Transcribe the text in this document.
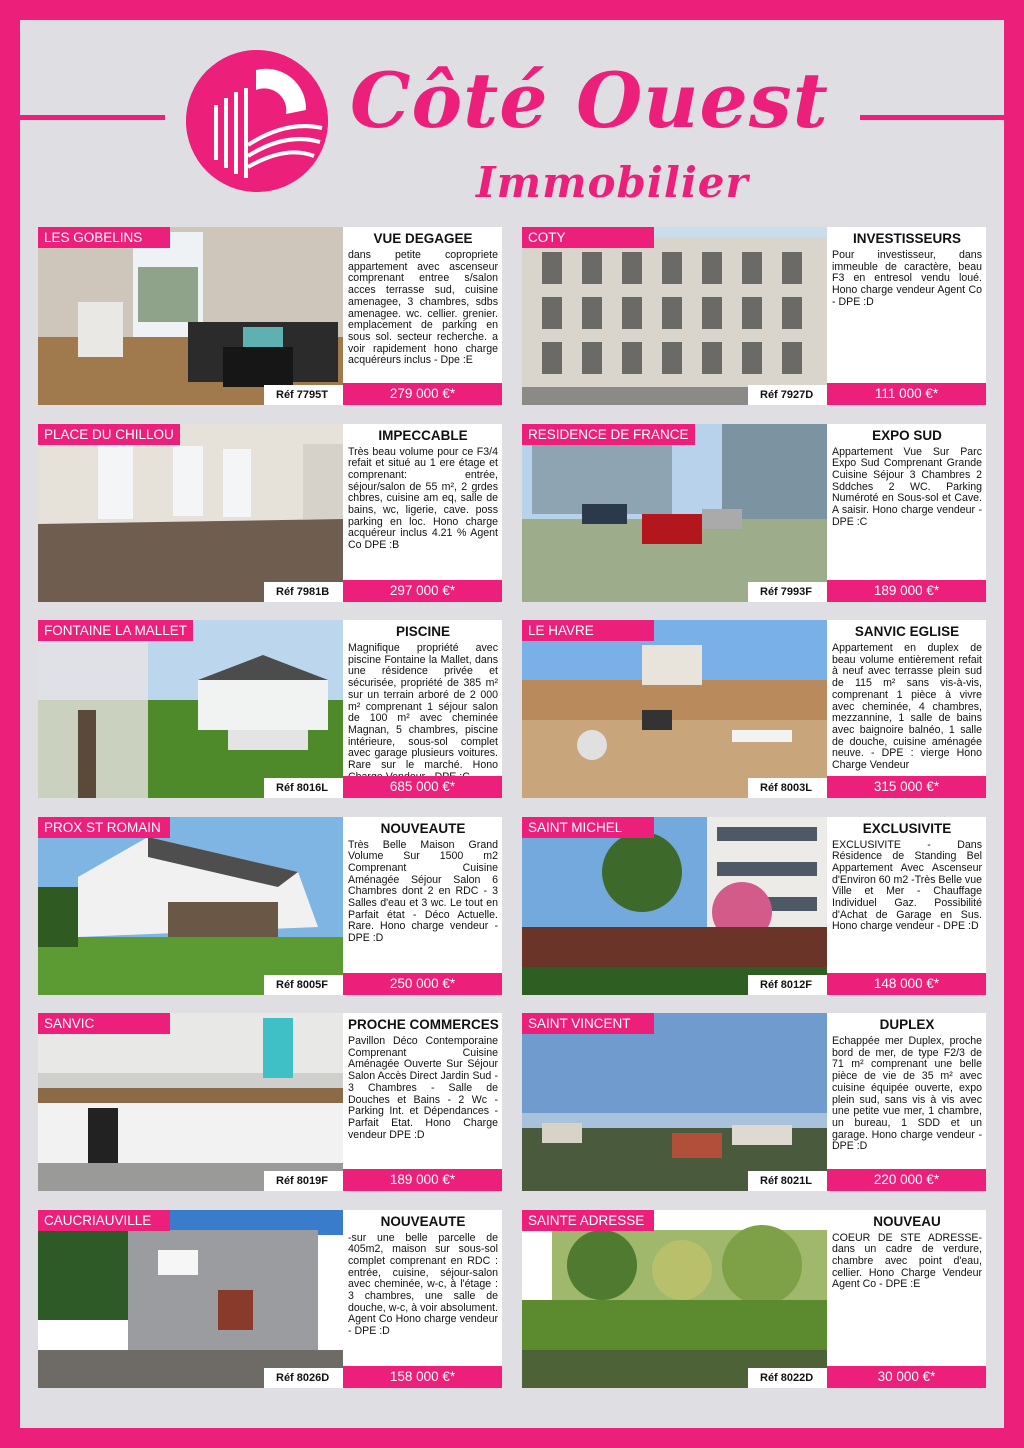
Côté Ouest
Immobilier
LES GOBELINS
Réf 7795T
VUE DEGAGEE
dans petite copropriete appartement avec ascenseur comprenant entree s/salon acces terrasse sud, cuisine amenagee, 3 chambres, sdbs amenagee. wc. cellier. grenier. emplacement de parking en sous sol. secteur recherche. a voir rapidement hono charge acquéreurs inclus - Dpe :E
279 000 €*
COTY
Réf 7927D
INVESTISSEURS
Pour investisseur, dans immeuble de caractère, beau F3 en entresol vendu loué. Hono charge vendeur Agent Co - DPE :D
111 000 €*
PLACE DU CHILLOU
Réf 7981B
IMPECCABLE
Très beau volume pour ce F3/4 refait et situé au 1 ere étage et comprenant: entrée, séjour/salon de 55 m², 2 grdes chbres, cuisine am eq, salle de bains, wc, ligerie, cave. poss parking en loc. Hono charge acquéreur inclus 4.21 % Agent Co DPE :B
297 000 €*
RESIDENCE DE FRANCE
Réf 7993F
EXPO SUD
Appartement Vue Sur Parc Expo Sud Comprenant Grande Cuisine Séjour 3 Chambres 2 Sddches 2 WC. Parking Numéroté en Sous-sol et Cave. A saisir. Hono charge vendeur - DPE :C
189 000 €*
FONTAINE LA MALLET
Réf 8016L
PISCINE
Magnifique propriété avec piscine Fontaine la Mallet, dans une résidence privée et sécurisée, propriété de 385 m² sur un terrain arboré de 2 000 m² comprenant 1 séjour salon de 100 m² avec cheminée Magnan, 5 chambres, piscine intérieure, sous-sol complet avec garage plusieurs voitures. Rare sur le marché. Hono
685 000 €*
LE HAVRE
Réf 8003L
SANVIC EGLISE
Appartement en duplex de beau volume entièrement refait à neuf avec terrasse plein sud de 115 m² sans vis-à-vis, comprenant 1 pièce à vivre avec cheminée, 4 chambres, mezzannine, 1 salle de bains avec baignoire balnéo, 1 salle de douche, cuisine aménagée neuve. - DPE : vierge Hono Charge Vendeur
315 000 €*
PROX ST ROMAIN
Réf 8005F
NOUVEAUTE
Très Belle Maison Grand Volume Sur 1500 m2 Comprenant Cuisine Aménagée Séjour Salon 6 Chambres dont 2 en RDC - 3 Salles d'eau et 3 wc. Le tout en Parfait état - Déco Actuelle. Rare. Hono charge vendeur - DPE :D
250 000 €*
SAINT MICHEL
Réf 8012F
EXCLUSIVITE
EXCLUSIVITE - Dans Résidence de Standing Bel Appartement Avec Ascenseur d'Environ 60 m2 -Très Belle vue Ville et Mer - Chauffage Individuel Gaz. Possibilité d'Achat de Garage en Sus. Hono charge vendeur - DPE :D
148 000 €*
SANVIC
Réf 8019F
PROCHE COMMERCES
Pavillon Déco Contemporaine Comprenant Cuisine Aménagée Ouverte Sur Séjour Salon Accès Direct Jardin Sud - 3 Chambres - Salle de Douches et Bains - 2 Wc - Parking Int. et Dépendances - Parfait Etat. Hono Charge vendeur DPE :D
189 000 €*
SAINT VINCENT
Réf 8021L
DUPLEX
Echappée mer Duplex, proche bord de mer, de type F2/3 de 71 m² comprenant une belle pièce de vie de 35 m² avec cuisine équipée ouverte, expo plein sud, sans vis à vis avec une petite vue mer, 1 chambre, un bureau, 1 SDD et un garage. Hono charge vendeur - DPE :D
220 000 €*
CAUCRIAUVILLE
Réf 8026D
NOUVEAUTE
-sur une belle parcelle de 405m2, maison sur sous-sol complet comprenant en RDC : entrée, cuisine, séjour-salon avec cheminée, w-c, à l'étage : 3 chambres, une salle de douche, w-c, à voir absolument. Agent Co Hono charge vendeur - DPE :D
158 000 €*
SAINTE ADRESSE
Réf 8022D
NOUVEAU
COEUR DE STE ADRESSE- dans un cadre de verdure, chambre avec point d'eau, cellier. Hono Charge Vendeur Agent Co - DPE :E
30 000 €*
